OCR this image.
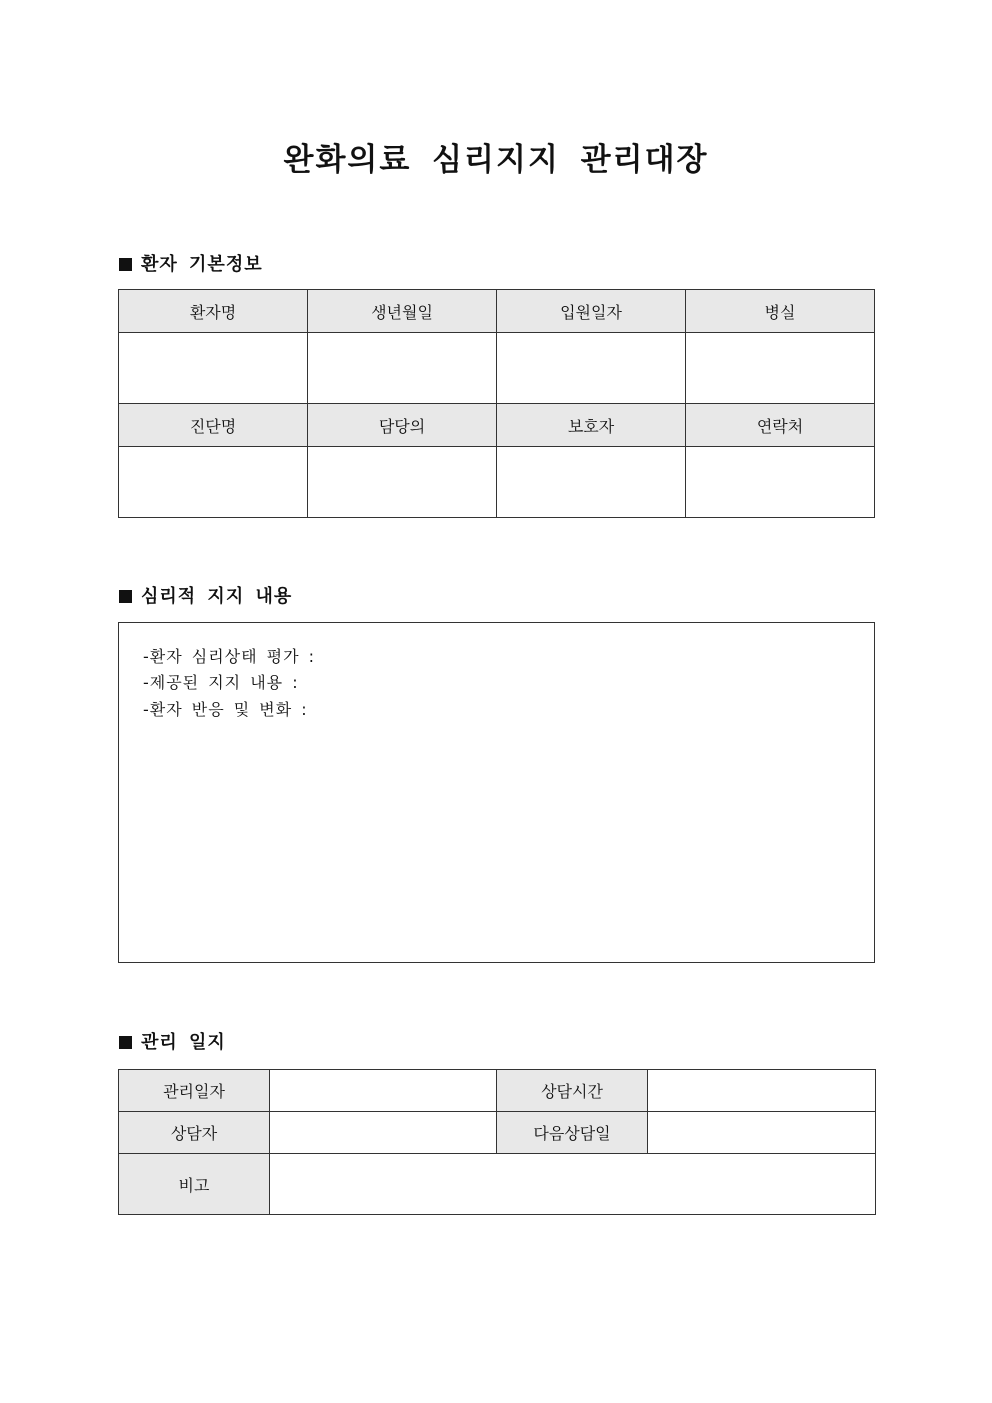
완화의료 심리지지 관리대장
환자 기본정보
환자명	생년월일	입원일자	병실

진단명	담당의	보호자	연락처

심리적 지지 내용
-환자 심리상태 평가 :
-제공된 지지 내용 :
-환자 반응 및 변화 :
관리 일지
관리일자		상담시간	
상담자		다음상담일	
비고			
